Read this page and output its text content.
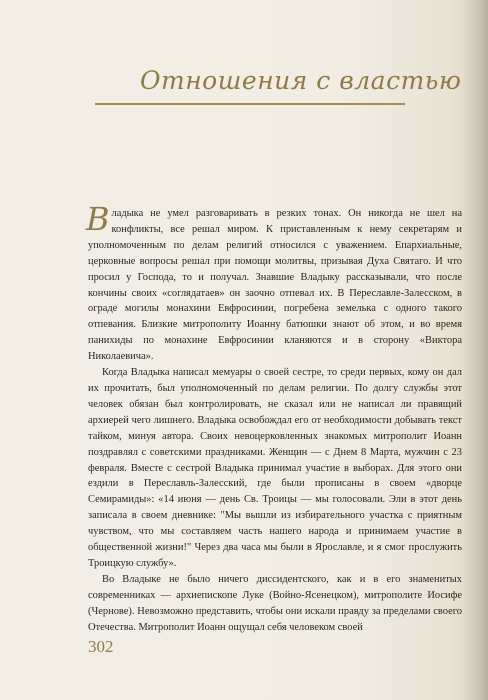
Отношения с властью

Владыка не умел разговаривать в резких тонах. Он никогда не шел на конфликты, все решал миром. К приставленным к нему секретарям и уполномоченным по делам религий относился с уважением. Епархиальные, церковные вопросы решал при помощи молитвы, призывая Духа Святаго. И что просил у Господа, то и получал. Знавшие Владыку рассказывали, что после кончины своих «соглядатаев» он заочно отпевал их. В Переславле-Залесском, в ограде могилы монахини Евфросинии, погребена земелька с одного такого отпевания. Близкие митрополиту Иоанну батюшки знают об этом, и во время панихиды по монахине Евфросинии кланяются и в сторону «Виктора Николаевича».

Когда Владыка написал мемуары о своей сестре, то среди первых, кому он дал их прочитать, был уполномоченный по делам религии. По долгу службы этот человек обязан был контролировать, не сказал или не написал ли правящий архиерей чего лишнего. Владыка освобождал его от необходимости добывать текст тайком, минуя автора. Своих невоцерковленных знакомых митрополит Иоанн поздравлял с советскими праздниками. Женщин — с Днем 8 Марта, мужчин с 23 февраля. Вместе с сестрой Владыка принимал участие в выборах. Для этого они ездили в Переславль-Залесский, где были прописаны в своем «дворце Семирамиды»: «14 июня — день Св. Троицы — мы голосовали. Эли в этот день записала в своем дневнике: "Мы вышли из избирательного участка с приятным чувством, что мы составляем часть нашего народа и принимаем участие в общественной жизни!" Через два часа мы были в Ярославле, и я смог прослужить Троицкую службу».

Во Владыке не было ничего диссидентского, как и в его знаменитых современниках — архиепископе Луке (Войно-Ясенецком), митрополите Иосифе (Чернове). Невозможно представить, чтобы они искали правду за пределами своего Отечества. Митрополит Иоанн ощущал себя человеком своей

302
